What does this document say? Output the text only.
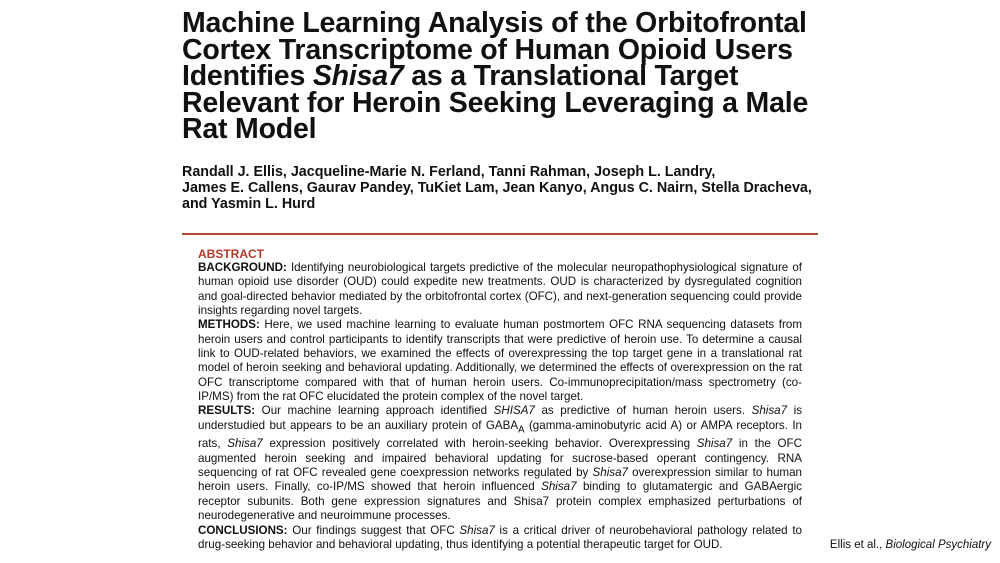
Machine Learning Analysis of the Orbitofrontal
Cortex Transcriptome of Human Opioid Users
Identifies Shisa7 as a Translational Target
Relevant for Heroin Seeking Leveraging a Male
Rat Model
Randall J. Ellis, Jacqueline-Marie N. Ferland, Tanni Rahman, Joseph L. Landry,
James E. Callens, Gaurav Pandey, TuKiet Lam, Jean Kanyo, Angus C. Nairn, Stella Dracheva,
and Yasmin L. Hurd
ABSTRACT

BACKGROUND: Identifying neurobiological targets predictive of the molecular neuropathophysiological signature of human opioid use disorder (OUD) could expedite new treatments. OUD is characterized by dysregulated cognition and goal-directed behavior mediated by the orbitofrontal cortex (OFC), and next-generation sequencing could provide insights regarding novel targets.

METHODS: Here, we used machine learning to evaluate human postmortem OFC RNA sequencing datasets from heroin users and control participants to identify transcripts that were predictive of heroin use. To determine a causal link to OUD-related behaviors, we examined the effects of overexpressing the top target gene in a translational rat model of heroin seeking and behavioral updating. Additionally, we determined the effects of overexpression on the rat OFC transcriptome compared with that of human heroin users. Co-immunoprecipitation/mass spectrometry (co-IP/MS) from the rat OFC elucidated the protein complex of the novel target.

RESULTS: Our machine learning approach identified SHISA7 as predictive of human heroin users. Shisa7 is understudied but appears to be an auxiliary protein of $GABA_A$ (gamma-aminobutyric acid A) or AMPA receptors. In rats, Shisa7 expression positively correlated with heroin-seeking behavior. Overexpressing Shisa7 in the OFC augmented heroin seeking and impaired behavioral updating for sucrose-based operant contingency. RNA sequencing of rat OFC revealed gene coexpression networks regulated by Shisa7 overexpression similar to human heroin users. Finally, co-IP/MS showed that heroin influenced Shisa7 binding to glutamatergic and GABAergic receptor subunits. Both gene expression signatures and Shisa7 protein complex emphasized perturbations of neurodegenerative and neuroimmune processes.

CONCLUSIONS: Our findings suggest that OFC Shisa7 is a critical driver of neurobehavioral pathology related to drug-seeking behavior and behavioral updating, thus identifying a potential therapeutic target for OUD.	Ellis et al., Biological Psychiatry
